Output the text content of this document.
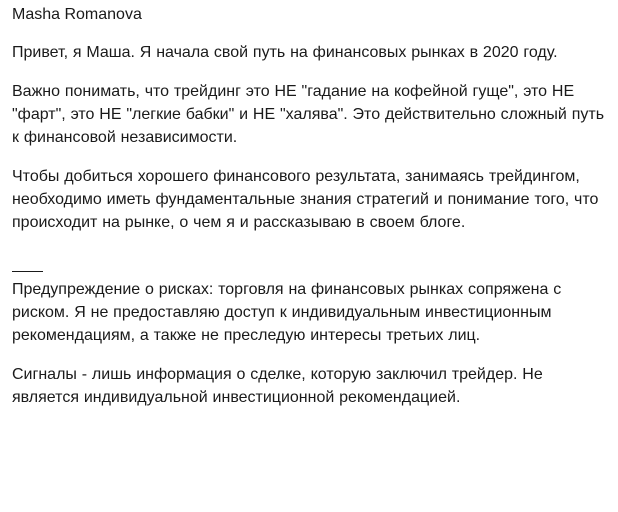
Masha Romanova

Привет, я Маша. Я начала свой путь на финансовых рынках в 2020 году.

Важно понимать, что трейдинг это НЕ "гадание на кофейной гуще", это НЕ "фарт", это НЕ "легкие бабки" и НЕ "халява". Это действительно сложный путь к финансовой независимости.

Чтобы добиться хорошего финансового результата, занимаясь трейдингом, необходимо иметь фундаментальные знания стратегий и понимание того, что происходит на рынке, о чем я и рассказываю в своем блоге.

Предупреждение о рисках: торговля на финансовых рынках сопряжена с риском. Я не предоставляю доступ к индивидуальным инвестиционным рекомендациям, а также не преследую интересы третьих лиц.

Сигналы - лишь информация о сделке, которую заключил трейдер. Не является индивидуальной инвестиционной рекомендацией.
